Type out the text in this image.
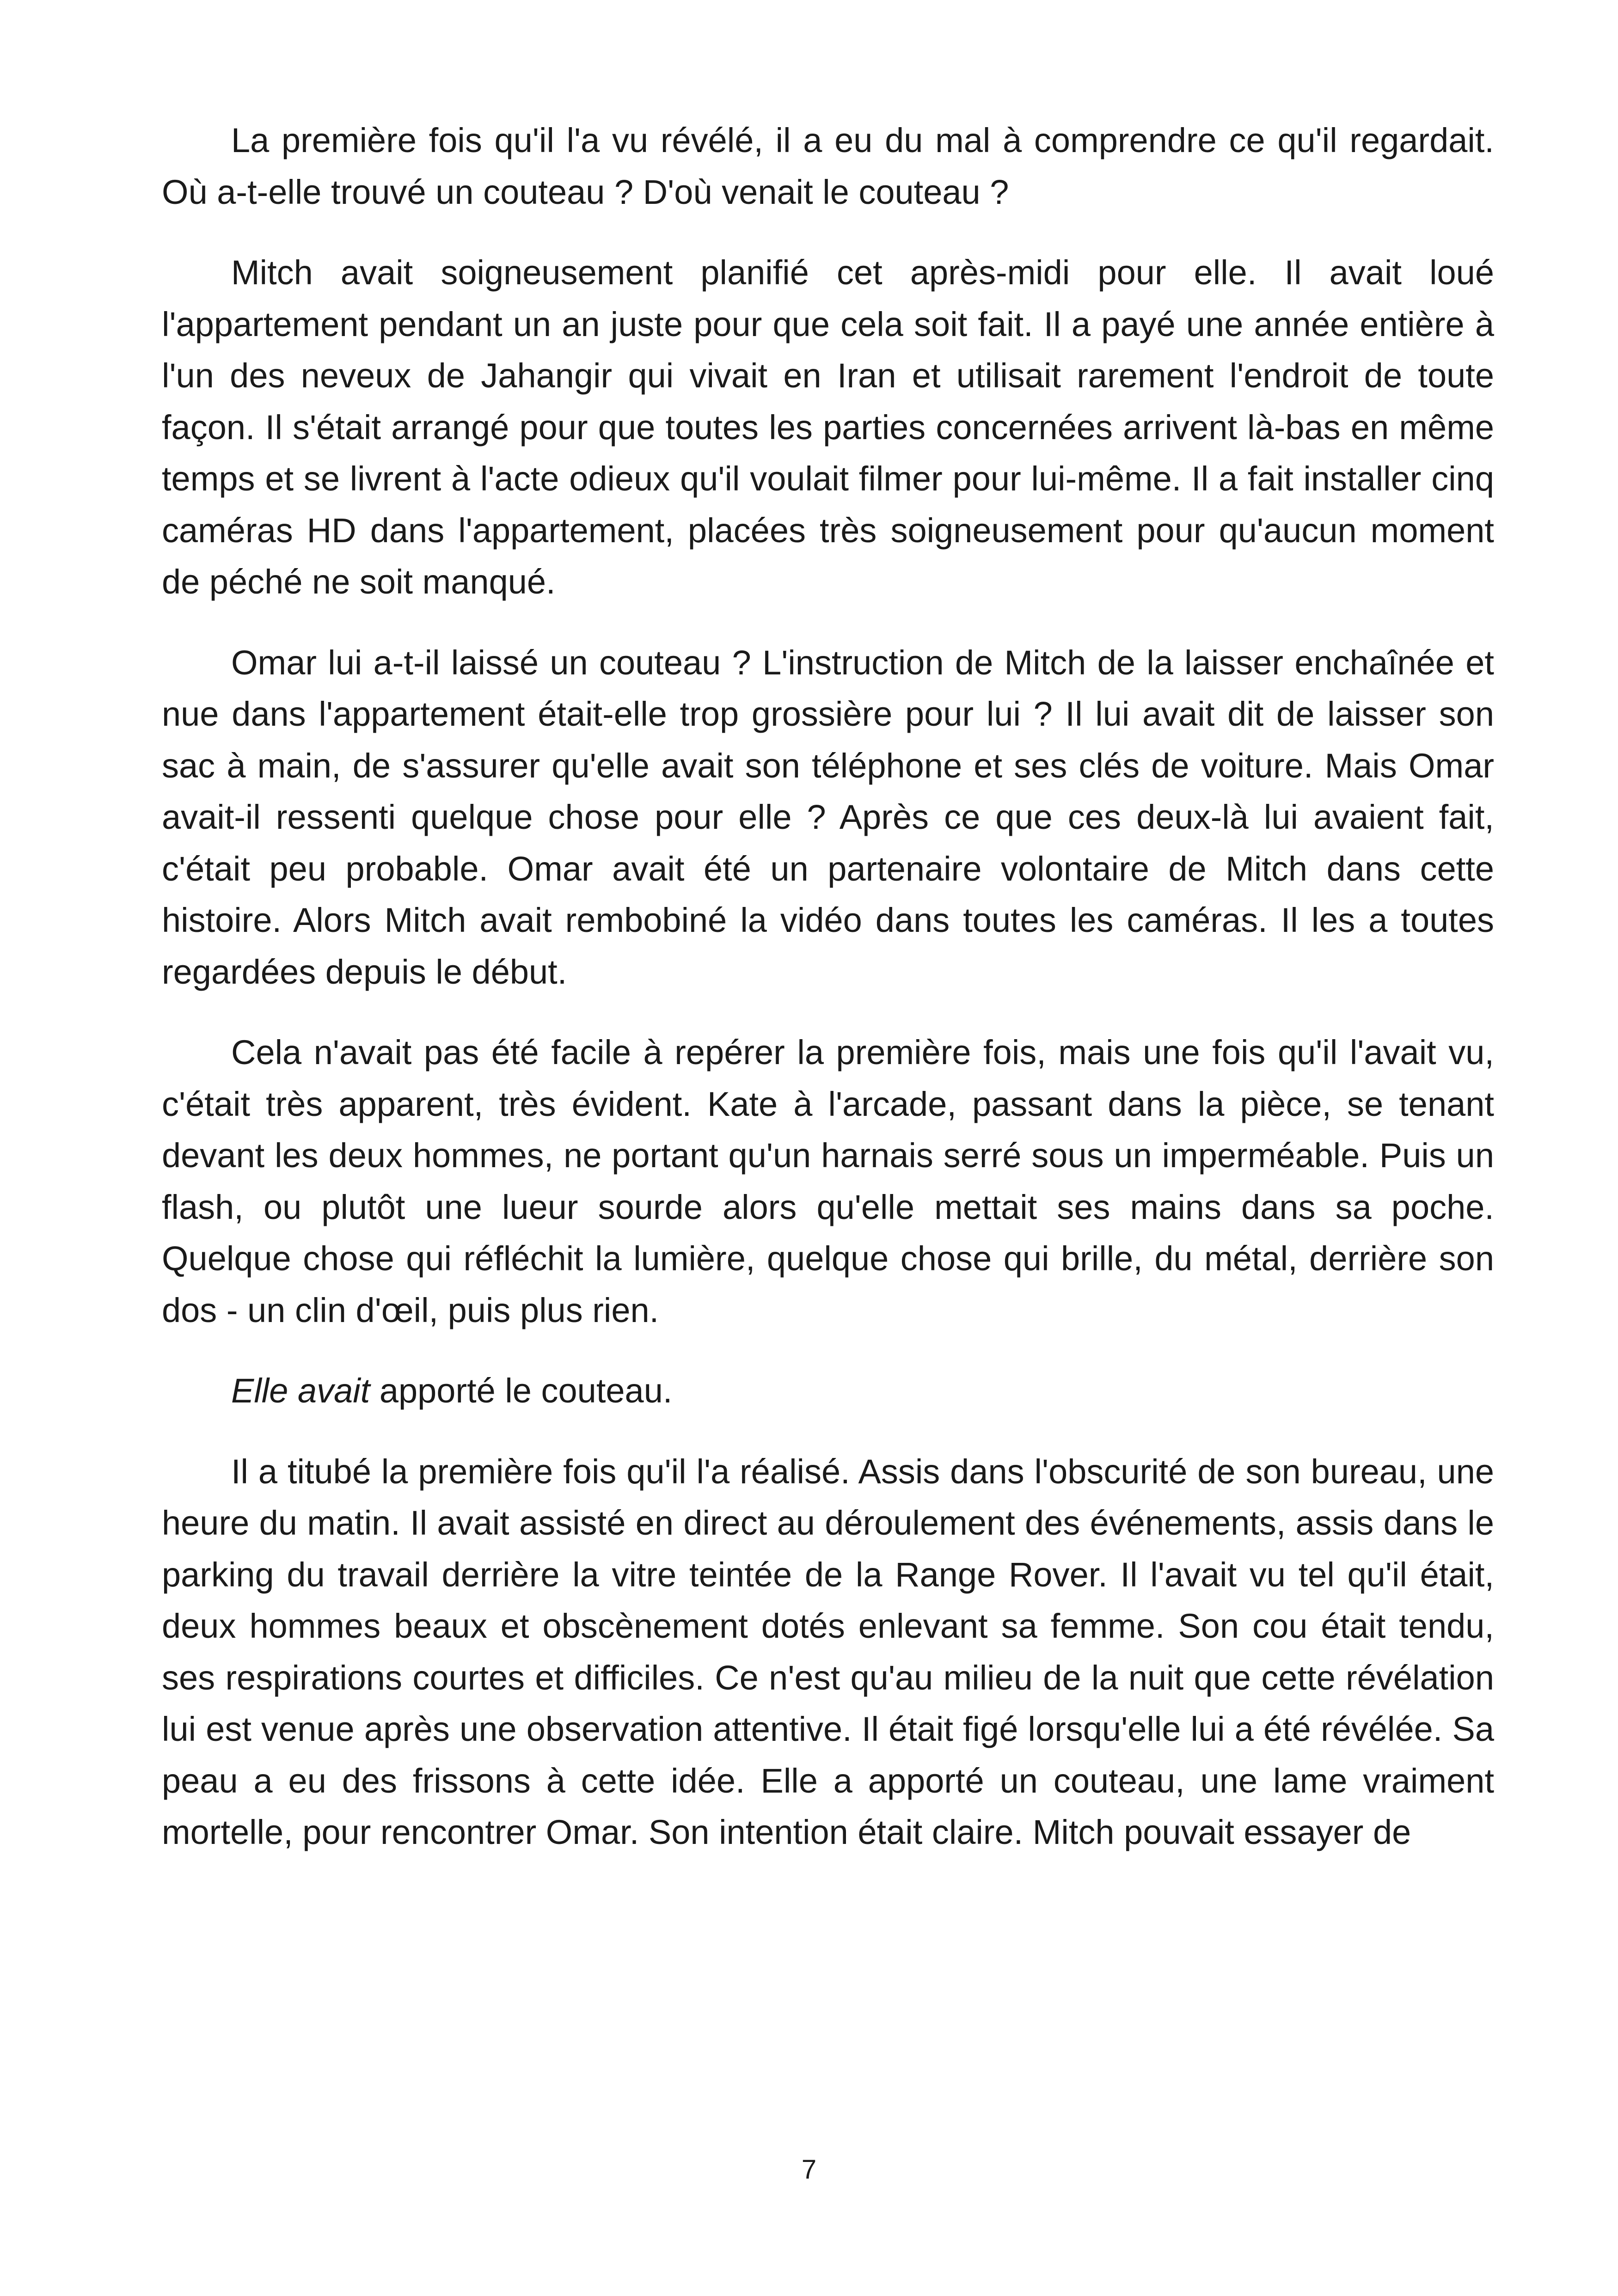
La première fois qu'il l'a vu révélé, il a eu du mal à comprendre ce qu'il regardait. Où a-t-elle trouvé un couteau ? D'où venait le couteau ?

Mitch avait soigneusement planifié cet après-midi pour elle. Il avait loué l'appartement pendant un an juste pour que cela soit fait. Il a payé une année entière à l'un des neveux de Jahangir qui vivait en Iran et utilisait rarement l'endroit de toute façon. Il s'était arrangé pour que toutes les parties concernées arrivent là-bas en même temps et se livrent à l'acte odieux qu'il voulait filmer pour lui-même. Il a fait installer cinq caméras HD dans l'appartement, placées très soigneusement pour qu'aucun moment de péché ne soit manqué.

Omar lui a-t-il laissé un couteau ? L'instruction de Mitch de la laisser enchaînée et nue dans l'appartement était-elle trop grossière pour lui ? Il lui avait dit de laisser son sac à main, de s'assurer qu'elle avait son téléphone et ses clés de voiture. Mais Omar avait-il ressenti quelque chose pour elle ? Après ce que ces deux-là lui avaient fait, c'était peu probable. Omar avait été un partenaire volontaire de Mitch dans cette histoire. Alors Mitch avait rembobiné la vidéo dans toutes les caméras. Il les a toutes regardées depuis le début.

Cela n'avait pas été facile à repérer la première fois, mais une fois qu'il l'avait vu, c'était très apparent, très évident. Kate à l'arcade, passant dans la pièce, se tenant devant les deux hommes, ne portant qu'un harnais serré sous un imperméable. Puis un flash, ou plutôt une lueur sourde alors qu'elle mettait ses mains dans sa poche. Quelque chose qui réfléchit la lumière, quelque chose qui brille, du métal, derrière son dos - un clin d'œil, puis plus rien.

Elle avait apporté le couteau.

Il a titubé la première fois qu'il l'a réalisé. Assis dans l'obscurité de son bureau, une heure du matin. Il avait assisté en direct au déroulement des événements, assis dans le parking du travail derrière la vitre teintée de la Range Rover. Il l'avait vu tel qu'il était, deux hommes beaux et obscènement dotés enlevant sa femme. Son cou était tendu, ses respirations courtes et difficiles. Ce n'est qu'au milieu de la nuit que cette révélation lui est venue après une observation attentive. Il était figé lorsqu'elle lui a été révélée. Sa peau a eu des frissons à cette idée. Elle a apporté un couteau, une lame vraiment mortelle, pour rencontrer Omar. Son intention était claire. Mitch pouvait essayer de

7
